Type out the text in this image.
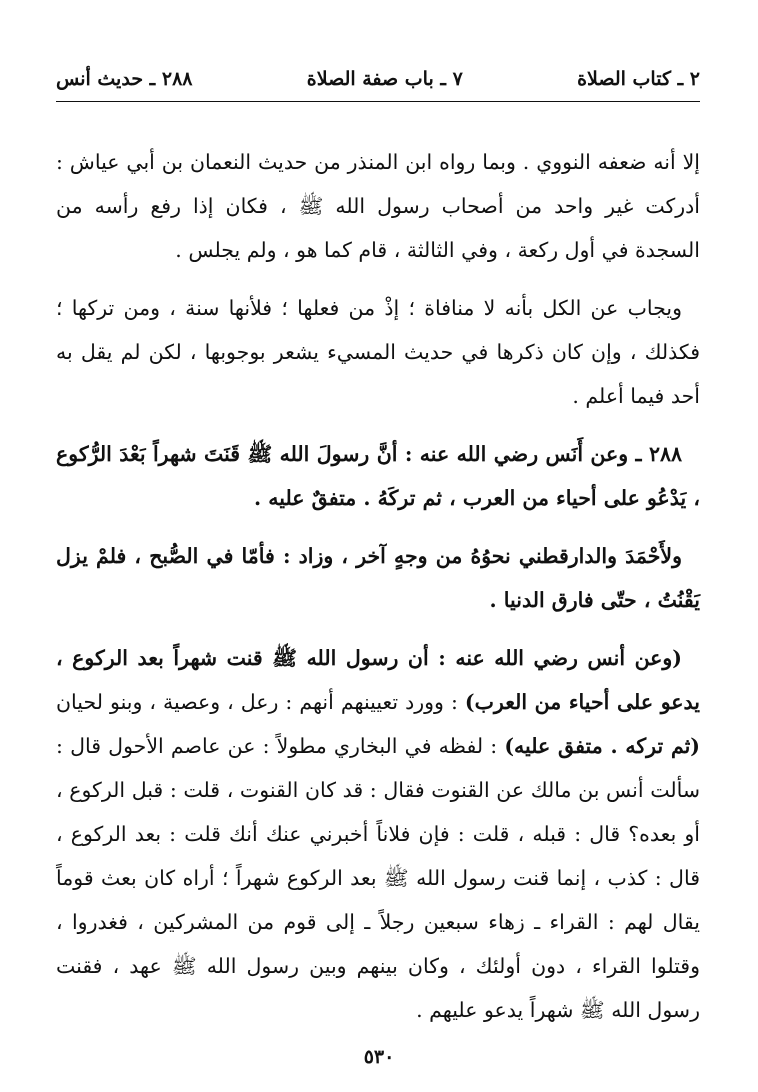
٢ ـ كتاب الصلاة
٧ ـ باب صفة الصلاة
٢٨٨ ـ حديث أنس

إلا أنه ضعفه النووي . وبما رواه ابن المنذر من حديث النعمان بن أبي عياش : أدركت غير واحد من أصحاب رسول الله ﷺ ، فكان إذا رفع رأسه من السجدة في أول ركعة ، وفي الثالثة ، قام كما هو ، ولم يجلس .

ويجاب عن الكل بأنه لا منافاة ؛ إذْ من فعلها ؛ فلأنها سنة ، ومن تركها ؛ فكذلك ، وإن كان ذكرها في حديث المسيء يشعر بوجوبها ، لكن لم يقل به أحد فيما أعلم .

٢٨٨ ـ وعن أَنَس رضي الله عنه : أنَّ رسولَ الله ﷺ قَنَتَ شهراً بَعْدَ الرُّكوع ، يَدْعُو على أحياء من العرب ، ثم تركَهُ . متفقٌ عليه .

ولأَحْمَدَ والدارقطني نحوُهُ من وجهٍ آخر ، وزاد : فأمّا في الصُّبح ، فلمْ يزل يَقْنُتُ ، حتّى فارق الدنيا .

(وعن أنس رضي الله عنه : أن رسول الله ﷺ قنت شهراً بعد الركوع ، يدعو على أحياء من العرب) : وورد تعيينهم أنهم : رعل ، وعصية ، وبنو لحيان (ثم تركه . متفق عليه) : لفظه في البخاري مطولاً : عن عاصم الأحول قال : سألت أنس بن مالك عن القنوت فقال : قد كان القنوت ، قلت : قبل الركوع ، أو بعده؟ قال : قبله ، قلت : فإن فلاناً أخبرني عنك أنك قلت : بعد الركوع ، قال : كذب ، إنما قنت رسول الله ﷺ بعد الركوع شهراً ؛ أراه كان بعث قوماً يقال لهم : القراء ـ زهاء سبعين رجلاً ـ إلى قوم من المشركين ، فغدروا ، وقتلوا القراء ، دون أولئك ، وكان بينهم وبين رسول الله ﷺ عهد ، فقنت رسول الله ﷺ شهراً يدعو عليهم .

٥٣٠
